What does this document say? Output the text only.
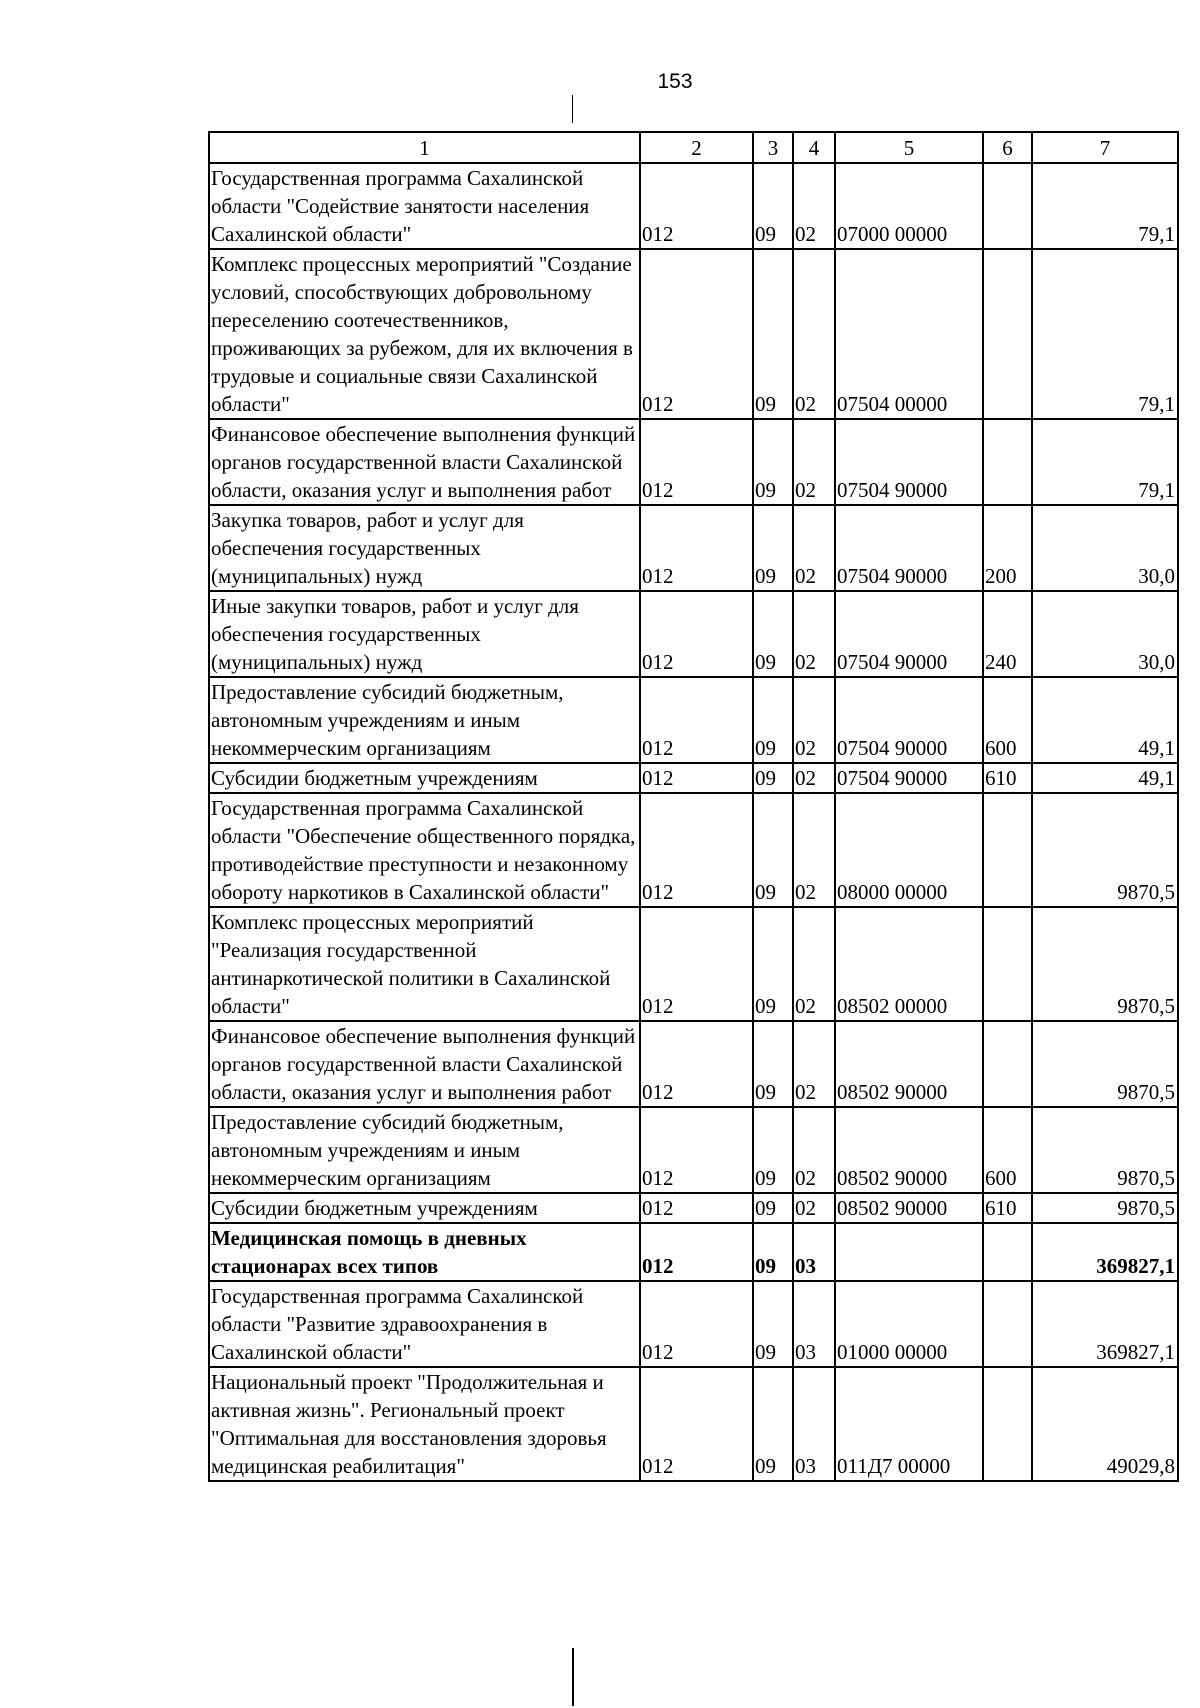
153
1	2	3	4	5	6	7
Государственная программа Сахалинской области "Содействие занятости населения Сахалинской области"	012	09	02	07000 00000		79,1
Комплекс процессных мероприятий "Создание условий, способствующих добровольному переселению соотечественников, проживающих за рубежом, для их включения в трудовые и социальные связи Сахалинской области"	012	09	02	07504 00000		79,1
Финансовое обеспечение выполнения функций органов государственной власти Сахалинской области, оказания услуг и выполнения работ	012	09	02	07504 90000		79,1
Закупка товаров, работ и услуг для обеспечения государственных (муниципальных) нужд	012	09	02	07504 90000	200	30,0
Иные закупки товаров, работ и услуг для обеспечения государственных (муниципальных) нужд	012	09	02	07504 90000	240	30,0
Предоставление субсидий бюджетным, автономным учреждениям и иным некоммерческим организациям	012	09	02	07504 90000	600	49,1
Субсидии бюджетным учреждениям	012	09	02	07504 90000	610	49,1
Государственная программа Сахалинской области "Обеспечение общественного порядка, противодействие преступности и незаконному обороту наркотиков в Сахалинской области"	012	09	02	08000 00000		9870,5
Комплекс процессных мероприятий "Реализация государственной антинаркотической политики в Сахалинской области"	012	09	02	08502 00000		9870,5
Финансовое обеспечение выполнения функций органов государственной власти Сахалинской области, оказания услуг и выполнения работ	012	09	02	08502 90000		9870,5
Предоставление субсидий бюджетным, автономным учреждениям и иным некоммерческим организациям	012	09	02	08502 90000	600	9870,5
Субсидии бюджетным учреждениям	012	09	02	08502 90000	610	9870,5
Медицинская помощь в дневных стационарах всех типов	012	09	03			369827,1
Государственная программа Сахалинской области "Развитие здравоохранения в Сахалинской области"	012	09	03	01000 00000		369827,1
Национальный проект "Продолжительная и активная жизнь". Региональный проект "Оптимальная для восстановления здоровья медицинская реабилитация"	012	09	03	011Д7 00000		49029,8
